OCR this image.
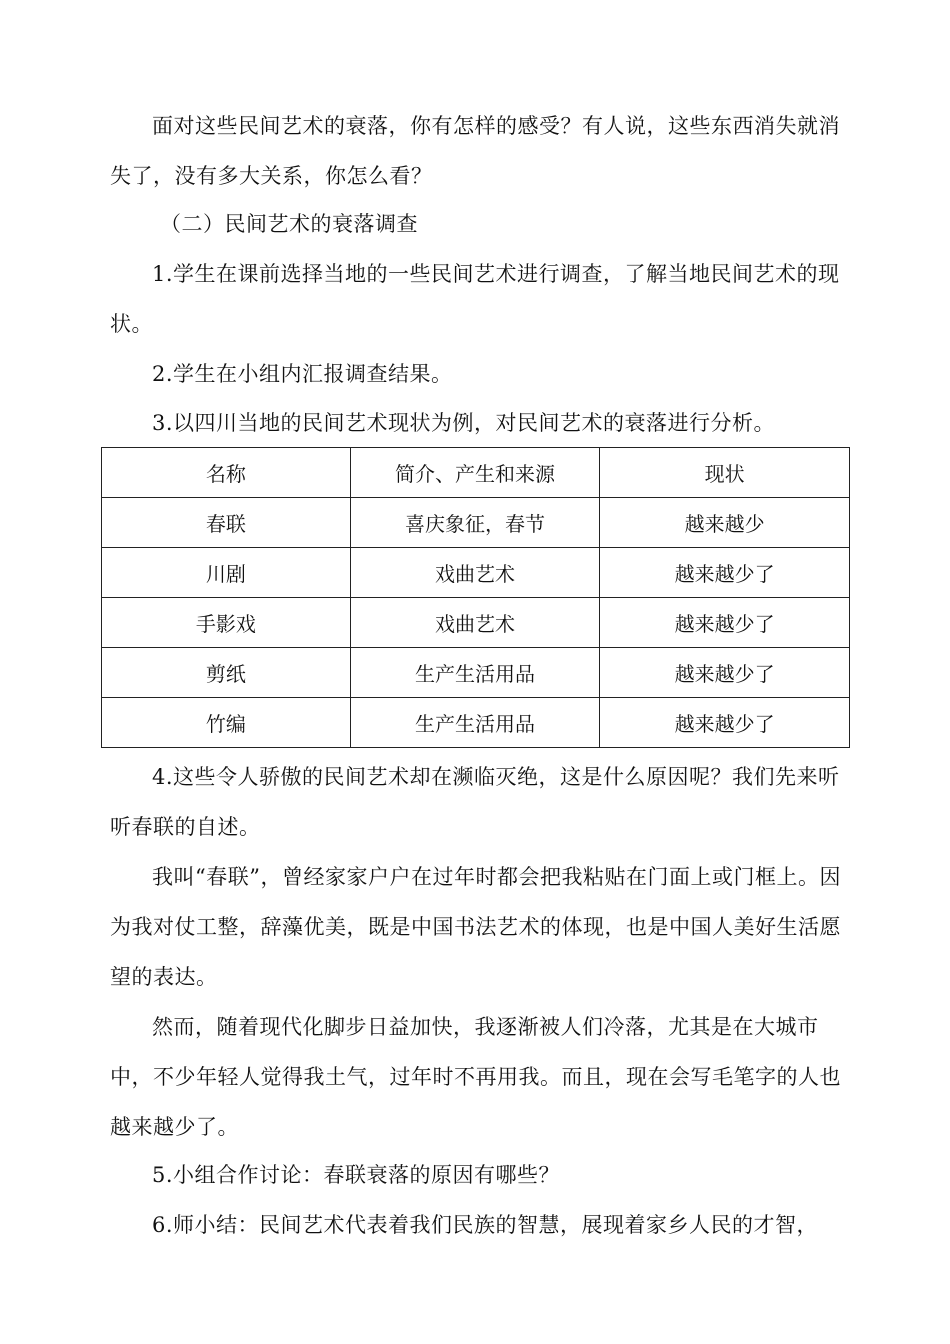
面对这些民间艺术的衰落，你有怎样的感受？有人说，这些东西消失就消失了，没有多大关系，你怎么看？

（二）民间艺术的衰落调查

1.学生在课前选择当地的一些民间艺术进行调查，了解当地民间艺术的现状。

2.学生在小组内汇报调查结果。

3.以四川当地的民间艺术现状为例，对民间艺术的衰落进行分析。

名称	简介、产生和来源	现状
春联	喜庆象征，春节	越来越少
川剧	戏曲艺术	越来越少了
手影戏	戏曲艺术	越来越少了
剪纸	生产生活用品	越来越少了
竹编	生产生活用品	越来越少了

4.这些令人骄傲的民间艺术却在濒临灭绝，这是什么原因呢？我们先来听听春联的自述。

我叫“春联”，曾经家家户户在过年时都会把我粘贴在门面上或门框上。因为我对仗工整，辞藻优美，既是中国书法艺术的体现，也是中国人美好生活愿望的表达。

然而，随着现代化脚步日益加快，我逐渐被人们冷落，尤其是在大城市中，不少年轻人觉得我土气，过年时不再用我。而且，现在会写毛笔字的人也越来越少了。

5.小组合作讨论：春联衰落的原因有哪些？

6.师小结：民间艺术代表着我们民族的智慧，展现着家乡人民的才智，
